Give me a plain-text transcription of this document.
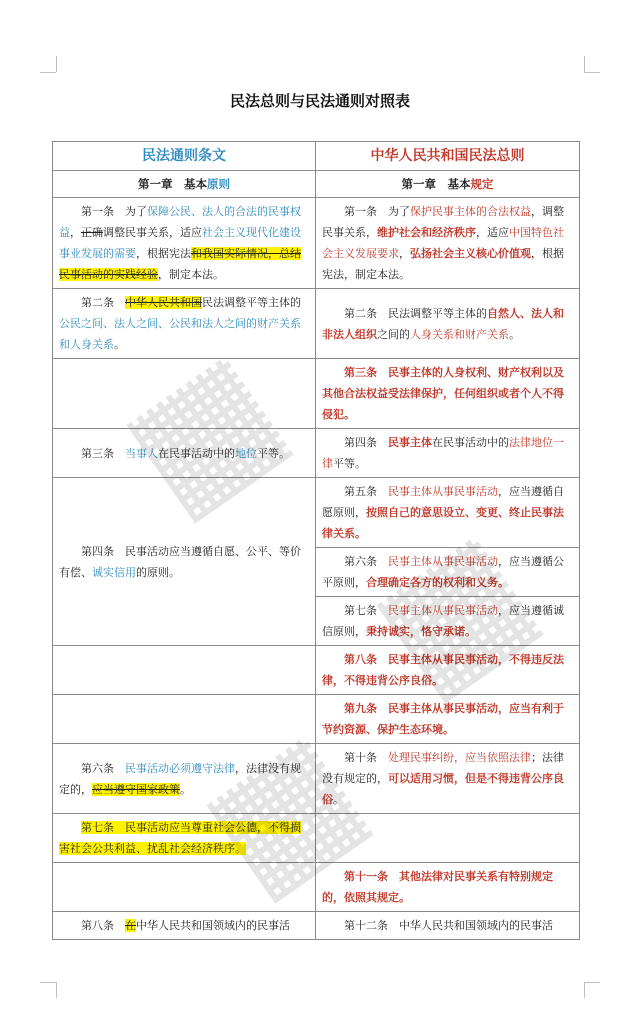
民法总则与民法通则对照表
民法通则条文	中华人民共和国民法总则
第一章　基本原则	第一章　基本规定

第一条　为了保障公民、法人的合法的民事权益，正确调整民事关系，适应社会主义现代化建设事业发展的需要，根据宪法和我国实际情况，总结民事活动的实践经验，制定本法。	第一条　为了保护民事主体的合法权益，调整民事关系，维护社会和经济秩序，适应中国特色社会主义发展要求，弘扬社会主义核心价值观，根据宪法，制定本法。

第二条　中华人民共和国民法调整平等主体的公民之间、法人之间、公民和法人之间的财产关系和人身关系。	第二条　民法调整平等主体的自然人、法人和非法人组织之间的人身关系和财产关系。

	第三条　民事主体的人身权利、财产权利以及其他合法权益受法律保护，任何组织或者个人不得侵犯。

第三条　当事人在民事活动中的地位平等。	第四条　民事主体在民事活动中的法律地位一律平等。

第四条　民事活动应当遵循自愿、公平、等价有偿、诚实信用的原则。	第五条　民事主体从事民事活动，应当遵循自愿原则，按照自己的意思设立、变更、终止民事法律关系。

	第六条　民事主体从事民事活动，应当遵循公平原则，合理确定各方的权利和义务。

	第七条　民事主体从事民事活动，应当遵循诚信原则，秉持诚实，恪守承诺。

	第八条　民事主体从事民事活动，不得违反法律，不得违背公序良俗。

	第九条　民事主体从事民事活动，应当有利于节约资源、保护生态环境。

第六条　民事活动必须遵守法律，法律没有规定的，应当遵守国家政策。	第十条　处理民事纠纷，应当依照法律；法律没有规定的，可以适用习惯，但是不得违背公序良俗。

第七条　民事活动应当尊重社会公德，不得损害社会公共利益、扰乱社会经济秩序。	

	第十一条　其他法律对民事关系有特别规定的，依照其规定。

第八条　在中华人民共和国领域内的民事活	第十二条　中华人民共和国领域内的民事活
